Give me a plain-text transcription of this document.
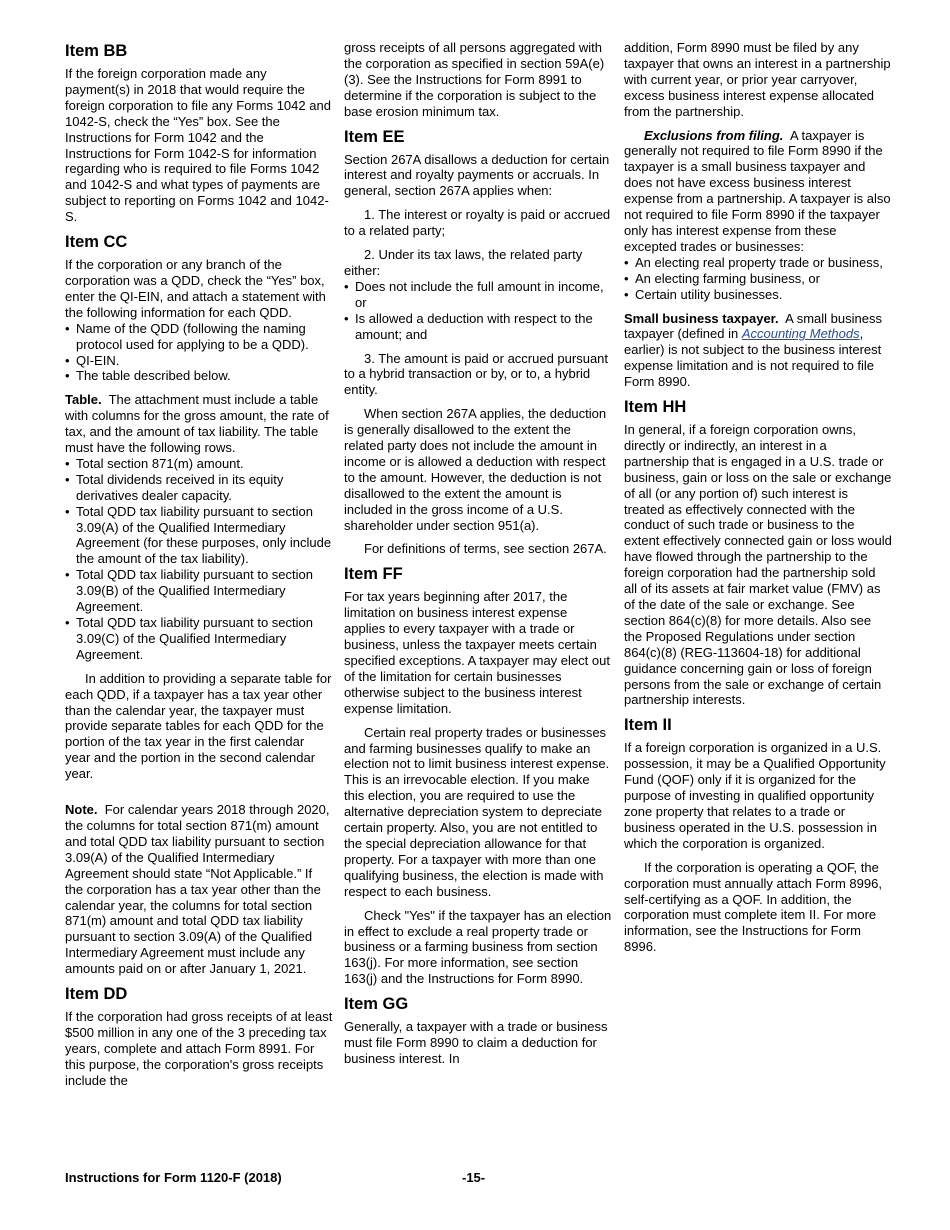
Item BB

If the foreign corporation made any payment(s) in 2018 that would require the foreign corporation to file any Forms 1042 and 1042-S, check the “Yes” box. See the Instructions for Form 1042 and the Instructions for Form 1042-S for information regarding who is required to file Forms 1042 and 1042-S and what types of payments are subject to reporting on Forms 1042 and 1042-S.

Item CC

If the corporation or any branch of the corporation was a QDD, check the “Yes” box, enter the QI-EIN, and attach a statement with the following information for each QDD.

• Name of the QDD (following the naming protocol used for applying to be a QDD).
• QI-EIN.
• The table described below.

Table. The attachment must include a table with columns for the gross amount, the rate of tax, and the amount of tax liability. The table must have the following rows.

• Total section 871(m) amount.
• Total dividends received in its equity derivatives dealer capacity.
• Total QDD tax liability pursuant to section 3.09(A) of the Qualified Intermediary Agreement (for these purposes, only include the amount of the tax liability).
• Total QDD tax liability pursuant to section 3.09(B) of the Qualified Intermediary Agreement.
• Total QDD tax liability pursuant to section 3.09(C) of the Qualified Intermediary Agreement.

In addition to providing a separate table for each QDD, if a taxpayer has a tax year other than the calendar year, the taxpayer must provide separate tables for each QDD for the portion of the tax year in the first calendar year and the portion in the second calendar year.

Note. For calendar years 2018 through 2020, the columns for total section 871(m) amount and total QDD tax liability pursuant to section 3.09(A) of the Qualified Intermediary Agreement should state “Not Applicable.” If the corporation has a tax year other than the calendar year, the columns for total section 871(m) amount and total QDD tax liability pursuant to section 3.09(A) of the Qualified Intermediary Agreement must include any amounts paid on or after January 1, 2021.

Item DD

If the corporation had gross receipts of at least $500 million in any one of the 3 preceding tax years, complete and attach Form 8991. For this purpose, the corporation's gross receipts include the

gross receipts of all persons aggregated with the corporation as specified in section 59A(e)(3). See the Instructions for Form 8991 to determine if the corporation is subject to the base erosion minimum tax.

Item EE

Section 267A disallows a deduction for certain interest and royalty payments or accruals. In general, section 267A applies when:

1. The interest or royalty is paid or accrued to a related party;

2. Under its tax laws, the related party either:

• Does not include the full amount in income, or
• Is allowed a deduction with respect to the amount; and

3. The amount is paid or accrued pursuant to a hybrid transaction or by, or to, a hybrid entity.

When section 267A applies, the deduction is generally disallowed to the extent the related party does not include the amount in income or is allowed a deduction with respect to the amount. However, the deduction is not disallowed to the extent the amount is included in the gross income of a U.S. shareholder under section 951(a).

For definitions of terms, see section 267A.

Item FF

For tax years beginning after 2017, the limitation on business interest expense applies to every taxpayer with a trade or business, unless the taxpayer meets certain specified exceptions. A taxpayer may elect out of the limitation for certain businesses otherwise subject to the business interest expense limitation.

Certain real property trades or businesses and farming businesses qualify to make an election not to limit business interest expense. This is an irrevocable election. If you make this election, you are required to use the alternative depreciation system to depreciate certain property. Also, you are not entitled to the special depreciation allowance for that property. For a taxpayer with more than one qualifying business, the election is made with respect to each business.

Check "Yes" if the taxpayer has an election in effect to exclude a real property trade or business or a farming business from section 163(j). For more information, see section 163(j) and the Instructions for Form 8990.

Item GG

Generally, a taxpayer with a trade or business must file Form 8990 to claim a deduction for business interest. In

addition, Form 8990 must be filed by any taxpayer that owns an interest in a partnership with current year, or prior year carryover, excess business interest expense allocated from the partnership.

Exclusions from filing. A taxpayer is generally not required to file Form 8990 if the taxpayer is a small business taxpayer and does not have excess business interest expense from a partnership. A taxpayer is also not required to file Form 8990 if the taxpayer only has interest expense from these excepted trades or businesses:

• An electing real property trade or business,
• An electing farming business, or
• Certain utility businesses.

Small business taxpayer. A small business taxpayer (defined in Accounting Methods, earlier) is not subject to the business interest expense limitation and is not required to file Form 8990.

Item HH

In general, if a foreign corporation owns, directly or indirectly, an interest in a partnership that is engaged in a U.S. trade or business, gain or loss on the sale or exchange of all (or any portion of) such interest is treated as effectively connected with the conduct of such trade or business to the extent effectively connected gain or loss would have flowed through the partnership to the foreign corporation had the partnership sold all of its assets at fair market value (FMV) as of the date of the sale or exchange. See section 864(c)(8) for more details. Also see the Proposed Regulations under section 864(c)(8) (REG-113604-18) for additional guidance concerning gain or loss of foreign persons from the sale or exchange of certain partnership interests.

Item II

If a foreign corporation is organized in a U.S. possession, it may be a Qualified Opportunity Fund (QOF) only if it is organized for the purpose of investing in qualified opportunity zone property that relates to a trade or business operated in the U.S. possession in which the corporation is organized.

If the corporation is operating a QOF, the corporation must annually attach Form 8996, self-certifying as a QOF. In addition, the corporation must complete item II. For more information, see the Instructions for Form 8996.

Instructions for Form 1120-F (2018)	-15-
